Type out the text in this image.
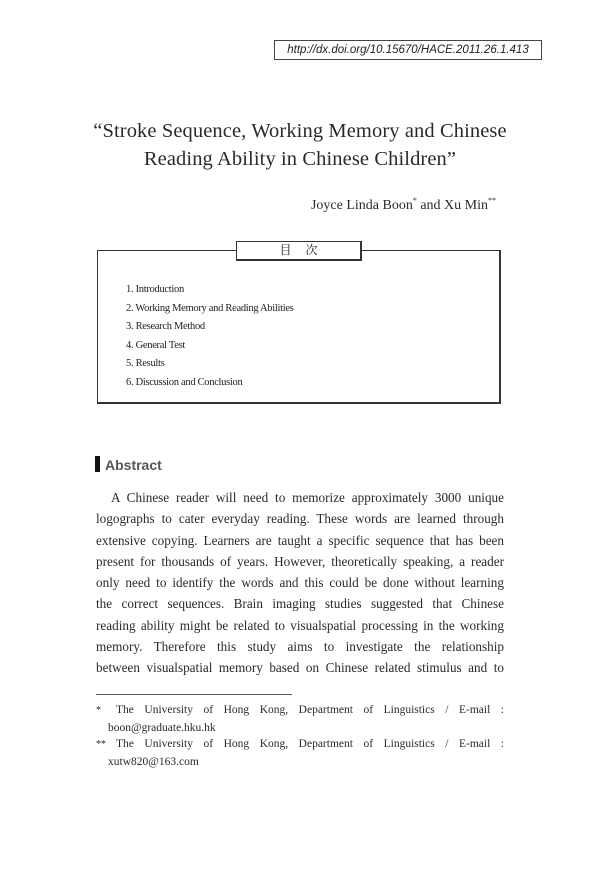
http://dx.doi.org/10.15670/HACE.2011.26.1.413
“Stroke Sequence, Working Memory and Chinese
Reading Ability in Chinese Children”
Joyce Linda Boon* and Xu Min**
目次
1. Introduction
2. Working Memory and Reading Abilities
3. Research Method
4. General Test
5. Results
6. Discussion and Conclusion
Abstract
A Chinese reader will need to memorize approximately 3000 unique
logographs to cater everyday reading. These words are learned through
extensive copying. Learners are taught a specific sequence that has been
present for thousands of years. However, theoretically speaking, a reader
only need to identify the words and this could be done without learning
the correct sequences. Brain imaging studies suggested that Chinese
reading ability might be related to visualspatial processing in the working
memory. Therefore this study aims to investigate the relationship
between visualspatial memory based on Chinese related stimulus and to
* The University of Hong Kong, Department of Linguistics / E-mail :
boon@graduate.hku.hk
** The University of Hong Kong, Department of Linguistics / E-mail :
xutw820@163.com
